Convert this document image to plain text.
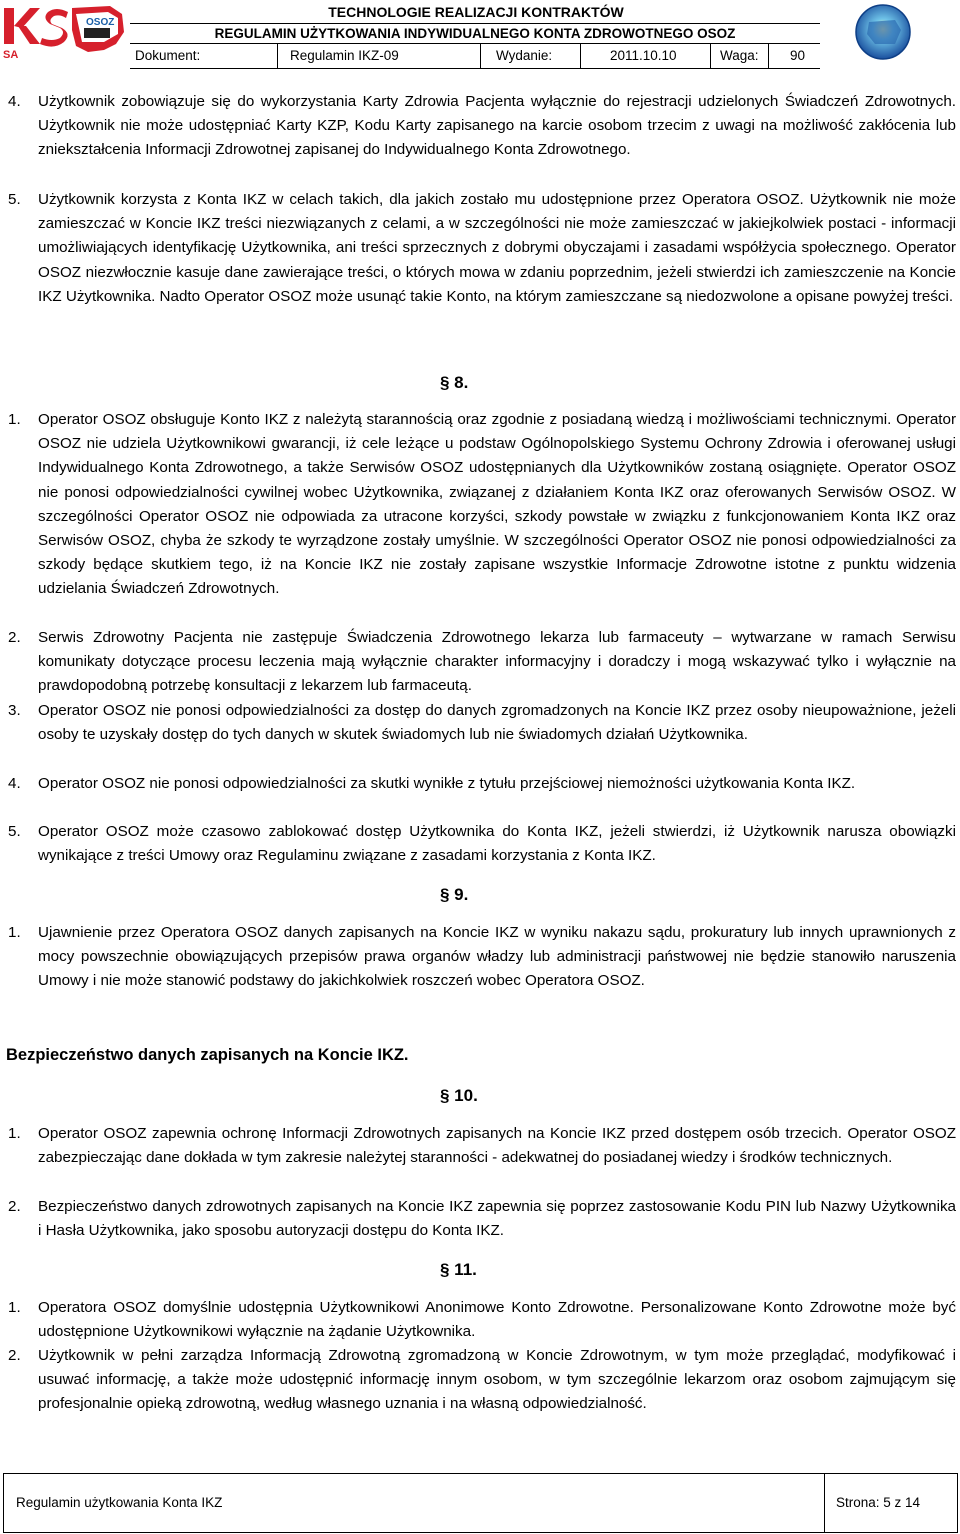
SA
OSOZ
TECHNOLOGIE REALIZACJI KONTRAKTÓW
REGULAMIN UŻYTKOWANIA INDYWIDUALNEGO KONTA ZDROWOTNEGO OSOZ
Dokument:	Regulamin IKZ-09	Wydanie:	2011.10.10	Waga: 90
4.	Użytkownik zobowiązuje się do wykorzystania Karty Zdrowia Pacjenta wyłącznie do rejestracji udzielonych Świadczeń Zdrowotnych. Użytkownik nie może udostępniać Karty KZP, Kodu Karty zapisanego na karcie osobom trzecim z uwagi na możliwość zakłócenia lub zniekształcenia Informacji Zdrowotnej zapisanej do Indywidualnego Konta Zdrowotnego.
5.	Użytkownik korzysta z Konta IKZ w celach takich, dla jakich zostało mu udostępnione przez Operatora OSOZ. Użytkownik nie może zamieszczać w Koncie IKZ treści niezwiązanych z celami, a w szczególności nie może zamieszczać w jakiejkolwiek postaci - informacji umożliwiających identyfikację Użytkownika, ani treści sprzecznych z dobrymi obyczajami i zasadami współżycia społecznego. Operator OSOZ niezwłocznie kasuje dane zawierające treści, o których mowa w zdaniu poprzednim, jeżeli stwierdzi ich zamieszczenie na Koncie IKZ Użytkownika. Nadto Operator OSOZ może usunąć takie Konto, na którym zamieszczane są niedozwolone a opisane powyżej treści.
§ 8.
1.	Operator OSOZ obsługuje Konto IKZ z należytą starannością oraz zgodnie z posiadaną wiedzą i możliwościami technicznymi. Operator OSOZ nie udziela Użytkownikowi gwarancji, iż cele leżące u podstaw Ogólnopolskiego Systemu Ochrony Zdrowia i oferowanej usługi Indywidualnego Konta Zdrowotnego, a także Serwisów OSOZ udostępnianych dla Użytkowników zostaną osiągnięte. Operator OSOZ nie ponosi odpowiedzialności cywilnej wobec Użytkownika, związanej z działaniem Konta IKZ oraz oferowanych Serwisów OSOZ. W szczególności Operator OSOZ nie odpowiada za utracone korzyści, szkody powstałe w związku z funkcjonowaniem Konta IKZ oraz Serwisów OSOZ, chyba że szkody te wyrządzone zostały umyślnie. W szczególności Operator OSOZ nie ponosi odpowiedzialności za szkody będące skutkiem tego, iż na Koncie IKZ nie zostały zapisane wszystkie Informacje Zdrowotne istotne z punktu widzenia udzielania Świadczeń Zdrowotnych.
2.	Serwis Zdrowotny Pacjenta nie zastępuje Świadczenia Zdrowotnego lekarza lub farmaceuty – wytwarzane w ramach Serwisu komunikaty dotyczące procesu leczenia mają wyłącznie charakter informacyjny i doradczy i mogą wskazywać tylko i wyłącznie na prawdopodobną potrzebę konsultacji z lekarzem lub farmaceutą.
3.	Operator OSOZ nie ponosi odpowiedzialności za dostęp do danych zgromadzonych na Koncie IKZ przez osoby nieupoważnione, jeżeli osoby te uzyskały dostęp do tych danych w skutek świadomych lub nie świadomych działań Użytkownika.
4.	Operator OSOZ nie ponosi odpowiedzialności za skutki wynikłe z tytułu przejściowej niemożności użytkowania Konta IKZ.
5.	Operator OSOZ może czasowo zablokować dostęp Użytkownika do Konta IKZ, jeżeli stwierdzi, iż Użytkownik narusza obowiązki wynikające z treści Umowy oraz Regulaminu związane z zasadami korzystania z Konta IKZ.
§ 9.
1.	Ujawnienie przez Operatora OSOZ danych zapisanych na Koncie IKZ w wyniku nakazu sądu, prokuratury lub innych uprawnionych z mocy powszechnie obowiązujących przepisów prawa organów władzy lub administracji państwowej nie będzie stanowiło naruszenia Umowy i nie może stanowić podstawy do jakichkolwiek roszczeń wobec Operatora OSOZ.
Bezpieczeństwo danych zapisanych na Koncie IKZ.
§ 10.
1.	Operator OSOZ zapewnia ochronę Informacji Zdrowotnych zapisanych na Koncie IKZ przed dostępem osób trzecich. Operator OSOZ zabezpieczając dane dokłada w tym zakresie należytej staranności - adekwatnej do posiadanej wiedzy i środków technicznych.
2.	Bezpieczeństwo danych zdrowotnych zapisanych na Koncie IKZ zapewnia się poprzez zastosowanie Kodu PIN lub Nazwy Użytkownika i Hasła Użytkownika, jako sposobu autoryzacji dostępu do Konta IKZ.
§ 11.
1.	Operatora OSOZ domyślnie udostępnia Użytkownikowi Anonimowe Konto Zdrowotne. Personalizowane Konto Zdrowotne może być udostępnione Użytkownikowi wyłącznie na żądanie Użytkownika.
2.	Użytkownik w pełni zarządza Informacją Zdrowotną zgromadzoną w Koncie Zdrowotnym, w tym może przeglądać, modyfikować i usuwać informację, a także może udostępnić informację innym osobom, w tym szczególnie lekarzom oraz osobom zajmującym się profesjonalnie opieką zdrowotną, według własnego uznania i na własną odpowiedzialność.
Regulamin użytkowania Konta IKZ	Strona: 5 z 14
